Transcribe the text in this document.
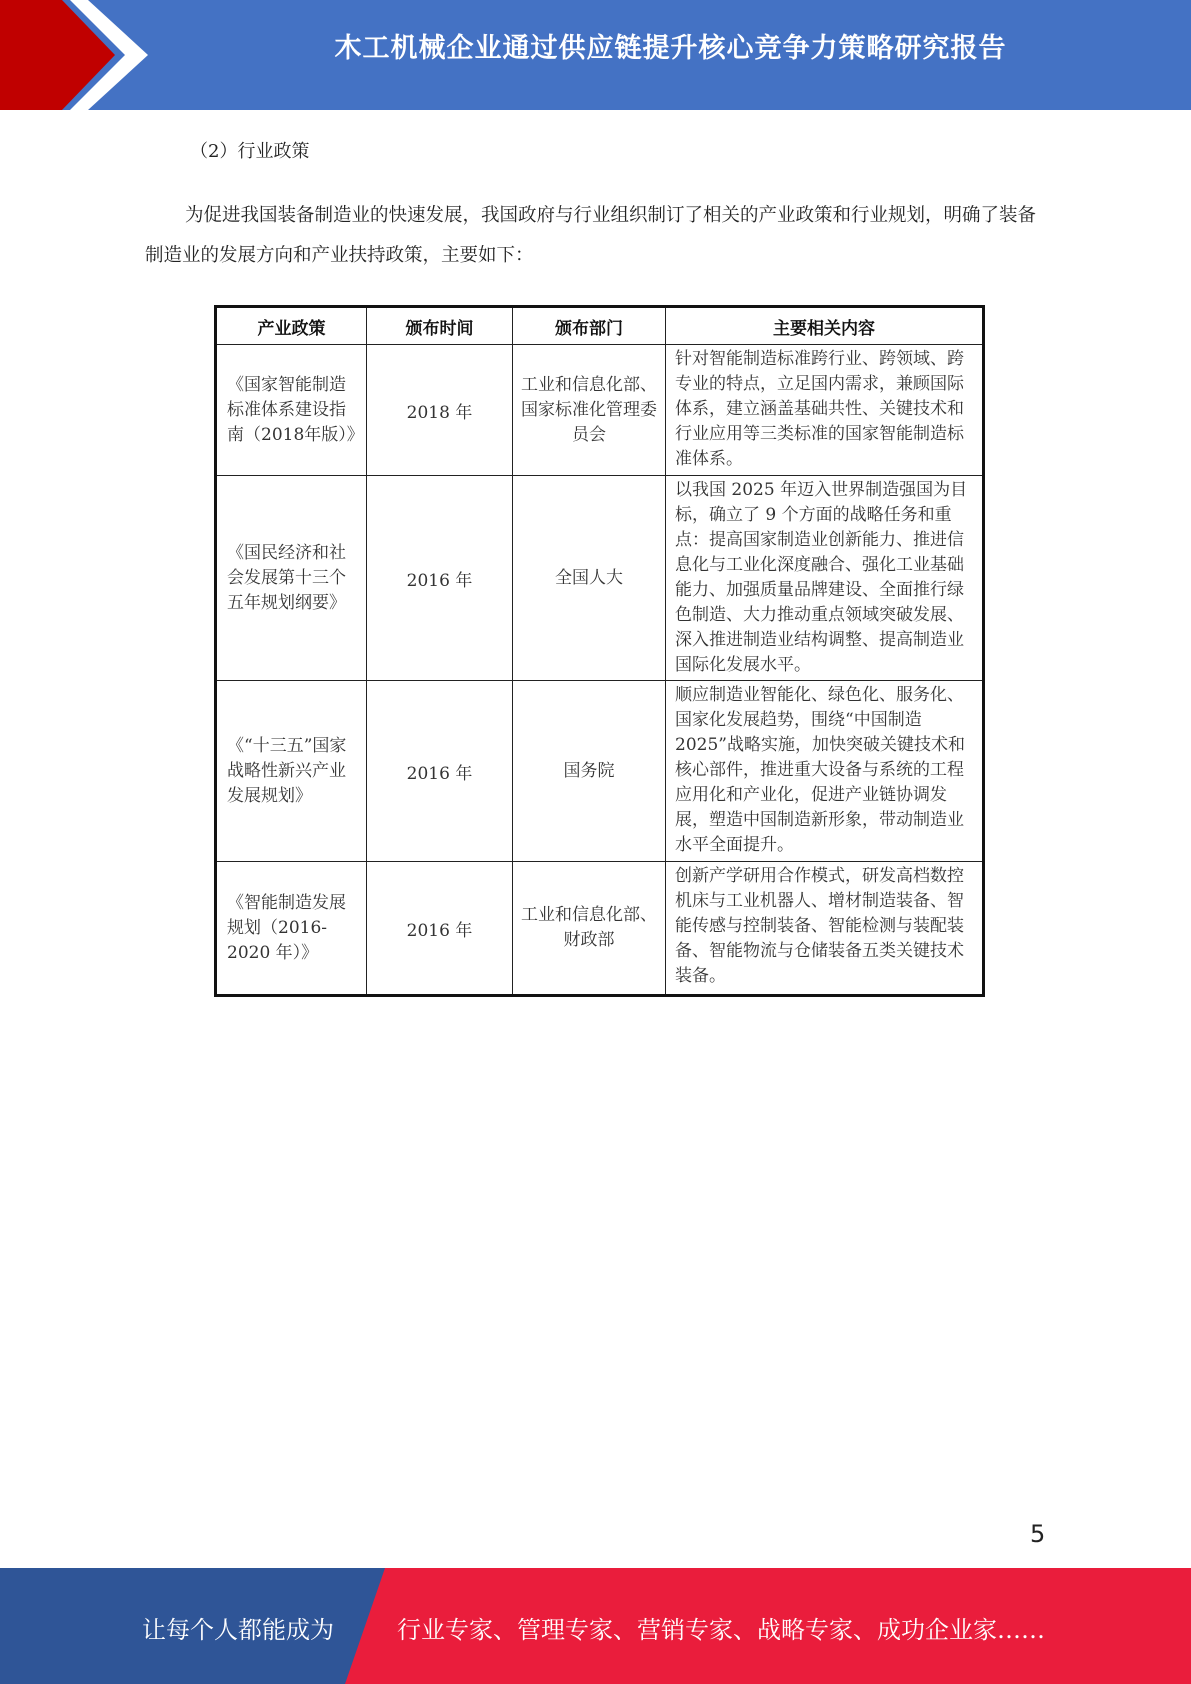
木工机械企业通过供应链提升核心竞争力策略研究报告
（2）行业政策
为促进我国装备制造业的快速发展，我国政府与行业组织制订了相关的产业政策和行业规划，明确了装备制造业的发展方向和产业扶持政策，主要如下：
产业政策	颁布时间	颁布部门	主要相关内容
《国家智能制造标准体系建设指南（2018年版）》	2018 年	工业和信息化部、国家标准化管理委员会	针对智能制造标准跨行业、跨领域、跨专业的特点，立足国内需求，兼顾国际体系，建立涵盖基础共性、关键技术和行业应用等三类标准的国家智能制造标准体系。
《国民经济和社会发展第十三个五年规划纲要》	2016 年	全国人大	以我国 2025 年迈入世界制造强国为目标，确立了 9 个方面的战略任务和重点：提高国家制造业创新能力、推进信息化与工业化深度融合、强化工业基础能力、加强质量品牌建设、全面推行绿色制造、大力推动重点领域突破发展、深入推进制造业结构调整、提高制造业国际化发展水平。
《“十三五”国家战略性新兴产业发展规划》	2016 年	国务院	顺应制造业智能化、绿色化、服务化、国家化发展趋势，围绕“中国制造 2025”战略实施，加快突破关键技术和核心部件，推进重大设备与系统的工程应用化和产业化，促进产业链协调发展，塑造中国制造新形象，带动制造业水平全面提升。
《智能制造发展规划（2016-2020 年）》	2016 年	工业和信息化部、财政部	创新产学研用合作模式，研发高档数控机床与工业机器人、增材制造装备、智能传感与控制装备、智能检测与装配装备、智能物流与仓储装备五类关键技术装备。
5
让每个人都能成为	行业专家、管理专家、营销专家、战略专家、成功企业家……
